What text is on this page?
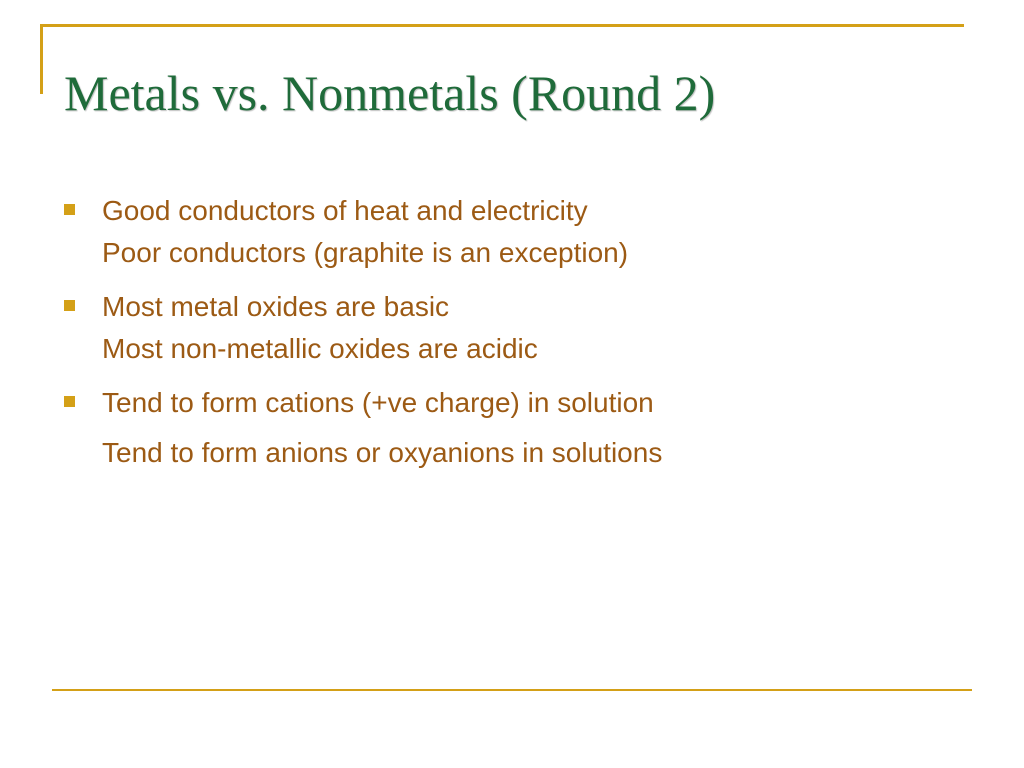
Metals vs. Nonmetals (Round 2)
Good conductors of heat and electricity
Poor conductors (graphite is an exception)
Most metal oxides are basic
Most non-metallic oxides are acidic
Tend to form cations (+ve charge) in solution
Tend to form anions or oxyanions in solutions
